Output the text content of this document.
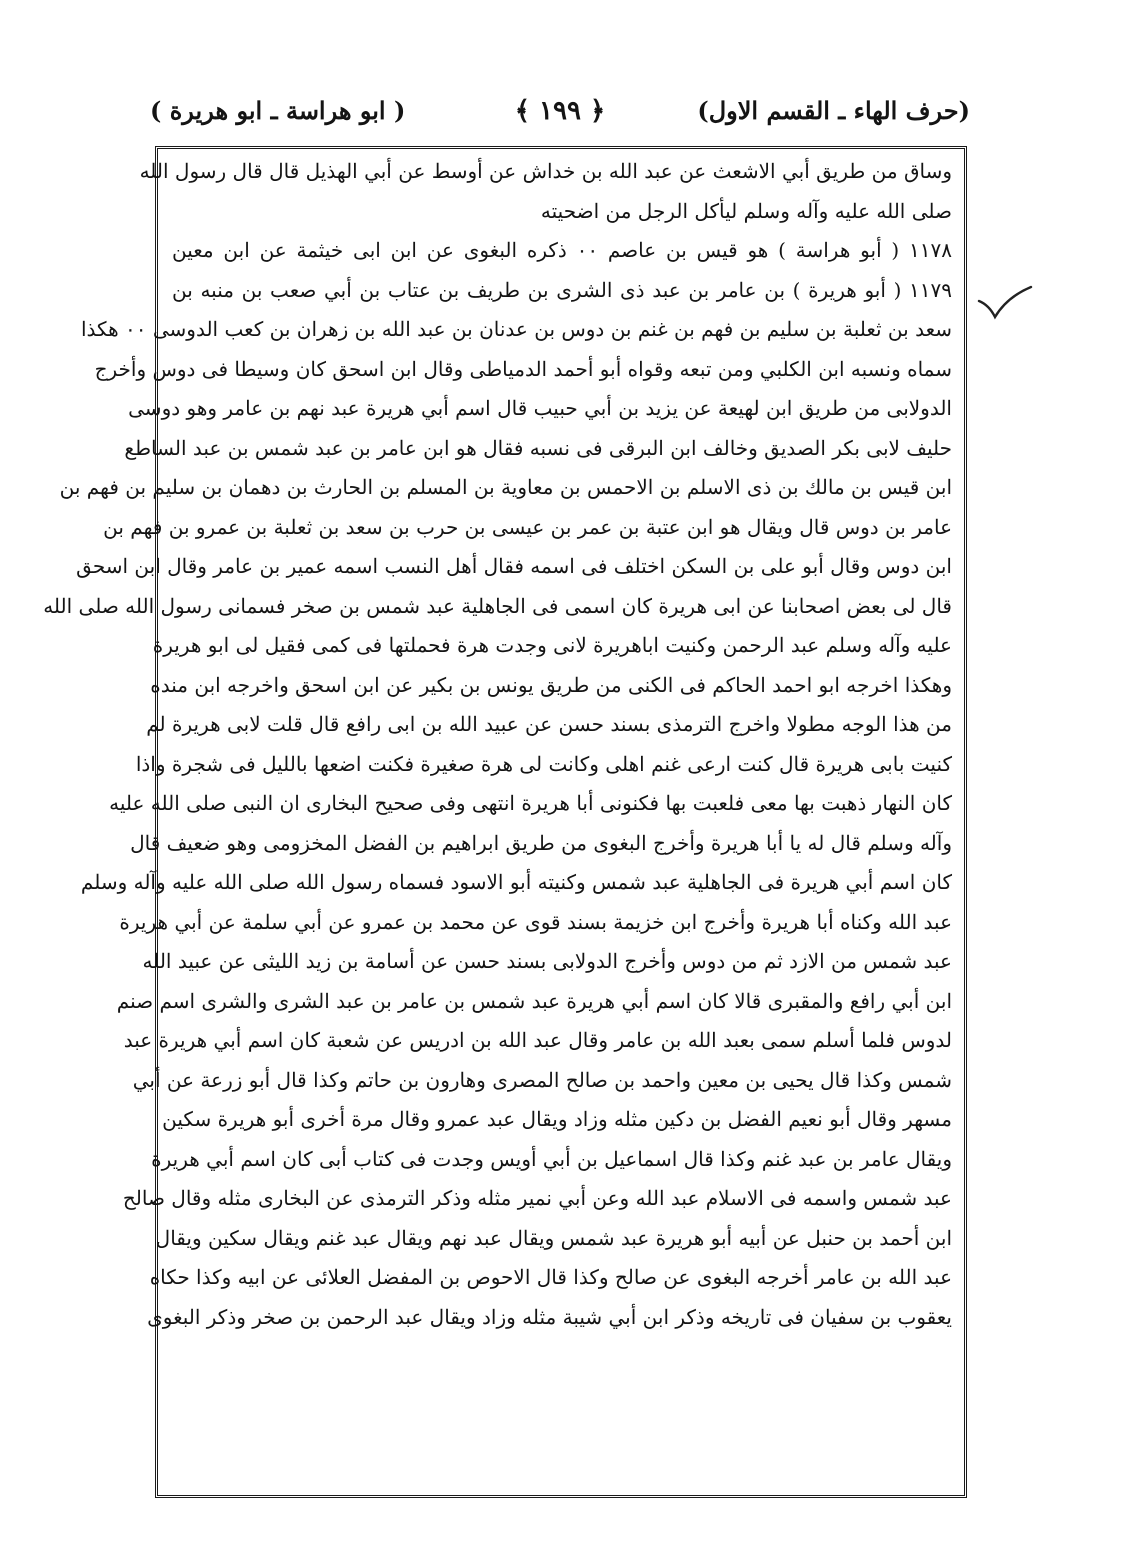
(حرف الهاء ـ القسم الاول)
﴿ ١٩٩ ﴾
( ابو هراسة ـ ابو هريرة )
وساق من طريق أبي الاشعث عن عبد الله بن خداش عن أوسط عن أبي الهذيل قال قال رسول الله
صلى الله عليه وآله وسلم ليأكل الرجل من اضحيته
١١٧٨ ( أبو هراسة ) هو قيس بن عاصم ٠٠ ذكره البغوى عن ابن ابى خيثمة عن ابن معين
١١٧٩ ( أبو هريرة ) بن عامر بن عبد ذى الشرى بن طريف بن عتاب بن أبي صعب بن منبه بن
سعد بن ثعلبة بن سليم بن فهم بن غنم بن دوس بن عدنان بن عبد الله بن زهران بن كعب الدوسى ٠٠ هكذا
سماه ونسبه ابن الكلبي ومن تبعه وقواه أبو أحمد الدمياطى وقال ابن اسحق كان وسيطا فى دوس وأخرج
الدولابى من طريق ابن لهيعة عن يزيد بن أبي حبيب قال اسم أبي هريرة عبد نهم بن عامر وهو دوسى
حليف لابى بكر الصديق وخالف ابن البرقى فى نسبه فقال هو ابن عامر بن عبد شمس بن عبد الساطع
ابن قيس بن مالك بن ذى الاسلم بن الاحمس بن معاوية بن المسلم بن الحارث بن دهمان بن سليم بن فهم بن
عامر بن دوس قال ويقال هو ابن عتبة بن عمر بن عيسى بن حرب بن سعد بن ثعلبة بن عمرو بن فهم بن
ابن دوس وقال أبو على بن السكن اختلف فى اسمه فقال أهل النسب اسمه عمير بن عامر وقال ابن اسحق
قال لى بعض اصحابنا عن ابى هريرة كان اسمى فى الجاهلية عبد شمس بن صخر فسمانى رسول الله صلى الله
عليه وآله وسلم عبد الرحمن وكنيت اباهريرة لانى وجدت هرة فحملتها فى كمى فقيل لى ابو هريرة
وهكذا اخرجه ابو احمد الحاكم فى الكنى من طريق يونس بن بكير عن ابن اسحق واخرجه ابن منده
من هذا الوجه مطولا واخرج الترمذى بسند حسن عن عبيد الله بن ابى رافع قال قلت لابى هريرة لم
كنيت بابى هريرة قال كنت ارعى غنم اهلى وكانت لى هرة صغيرة فكنت اضعها بالليل فى شجرة واذا
كان النهار ذهبت بها معى فلعبت بها فكنونى أبا هريرة انتهى وفى صحيح البخارى ان النبى صلى الله عليه
وآله وسلم قال له يا أبا هريرة وأخرج البغوى من طريق ابراهيم بن الفضل المخزومى وهو ضعيف قال
كان اسم أبي هريرة فى الجاهلية عبد شمس وكنيته أبو الاسود فسماه رسول الله صلى الله عليه وآله وسلم
عبد الله وكناه أبا هريرة وأخرج ابن خزيمة بسند قوى عن محمد بن عمرو عن أبي سلمة عن أبي هريرة
عبد شمس من الازد ثم من دوس وأخرج الدولابى بسند حسن عن أسامة بن زيد الليثى عن عبيد الله
ابن أبي رافع والمقبرى قالا كان اسم أبي هريرة عبد شمس بن عامر بن عبد الشرى والشرى اسم صنم
لدوس فلما أسلم سمى بعبد الله بن عامر وقال عبد الله بن ادريس عن شعبة كان اسم أبي هريرة عبد
شمس وكذا قال يحيى بن معين واحمد بن صالح المصرى وهارون بن حاتم وكذا قال أبو زرعة عن أبي
مسهر وقال أبو نعيم الفضل بن دكين مثله وزاد ويقال عبد عمرو وقال مرة أخرى أبو هريرة سكين
ويقال عامر بن عبد غنم وكذا قال اسماعيل بن أبي أويس وجدت فى كتاب أبى كان اسم أبي هريرة
عبد شمس واسمه فى الاسلام عبد الله وعن أبي نمير مثله وذكر الترمذى عن البخارى مثله وقال صالح
ابن أحمد بن حنبل عن أبيه أبو هريرة عبد شمس ويقال عبد نهم ويقال عبد غنم ويقال سكين ويقال
عبد الله بن عامر أخرجه البغوى عن صالح وكذا قال الاحوص بن المفضل العلائى عن ابيه وكذا حكاه
يعقوب بن سفيان فى تاريخه وذكر ابن أبي شيبة مثله وزاد ويقال عبد الرحمن بن صخر وذكر البغوى
